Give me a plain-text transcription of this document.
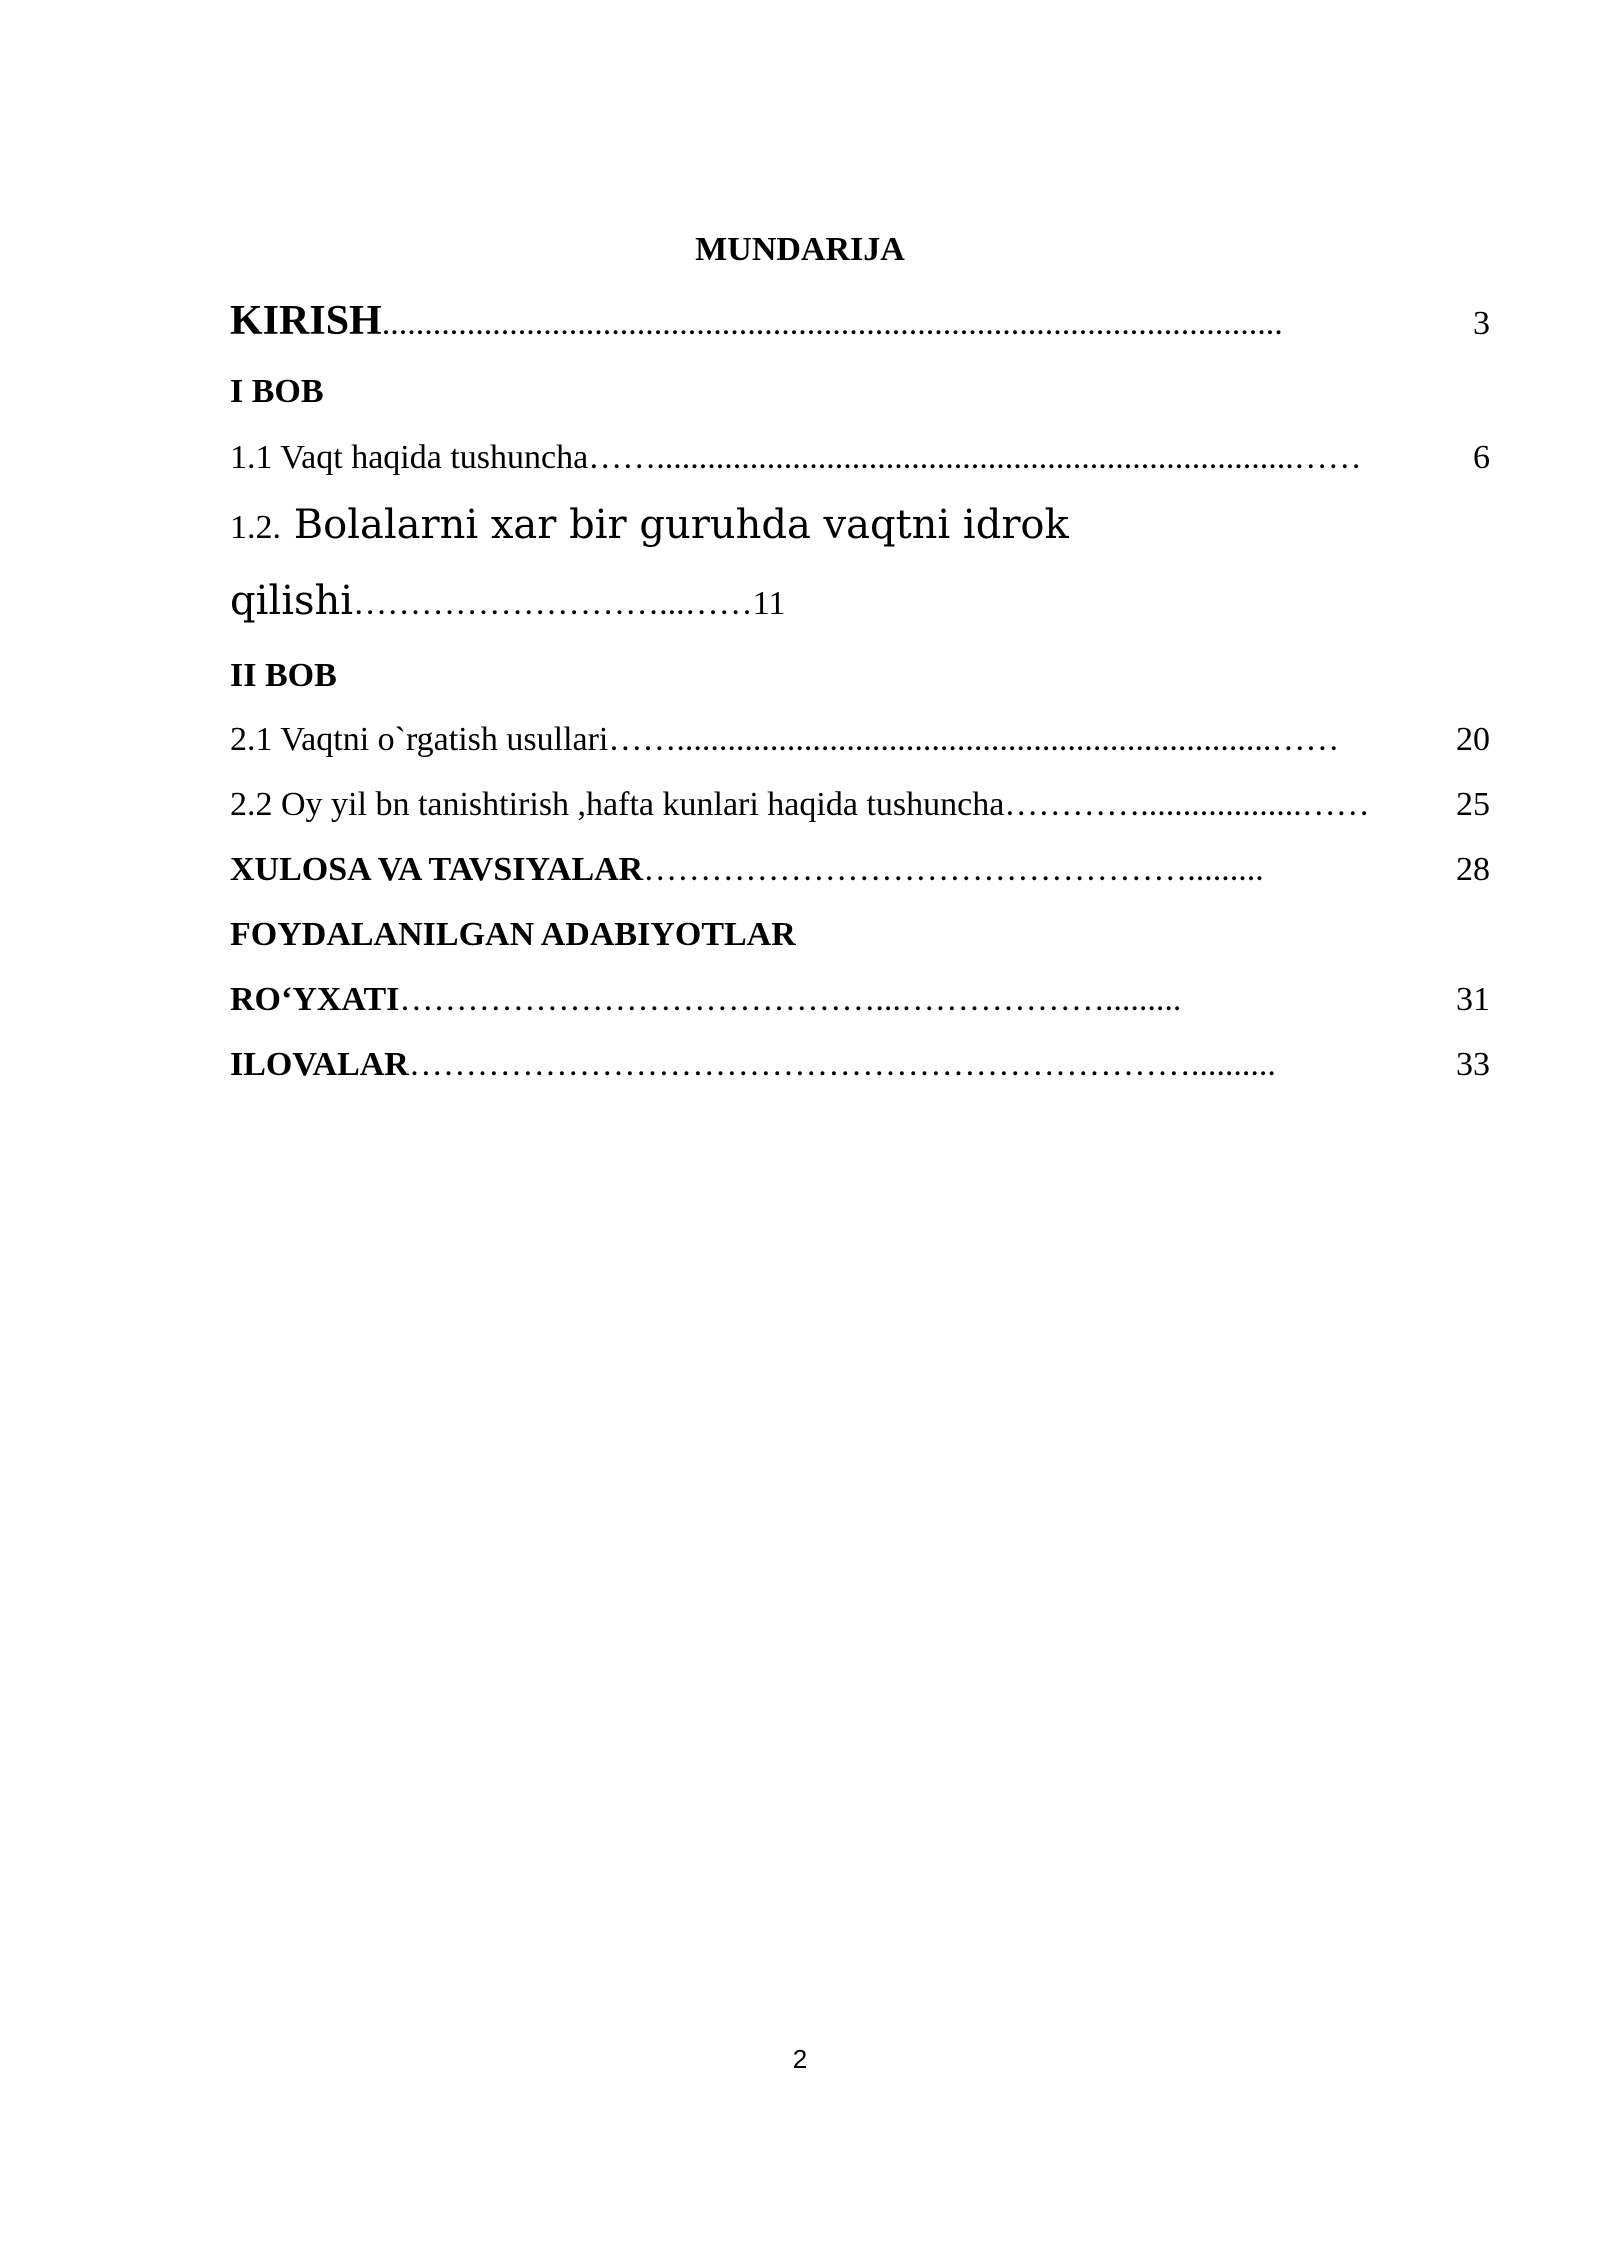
MUNDARIJA
KIRISH ..........................................................................................................	3
I BOB
1.1 Vaqt haqida tushuncha ……...........................................................................……	6
1.2. Bolalarni xar bir guruhda vaqtni idrok
qilishi………………………...……11
II BOB
2.1 Vaqtni o`rgatish usullari ……......................................................................……	20
2.2 Oy yil bn tanishtirish ,hafta kunlari haqida tushuncha …………...................……	25
XULOSA VA TAVSIYALAR ………………………………………….........	28
FOYDALANILGAN ADABIYOTLAR
RO‘YXATI ……………………………………...……………….........	31
ILOVALAR ……………………………………………………………..........	33
2
